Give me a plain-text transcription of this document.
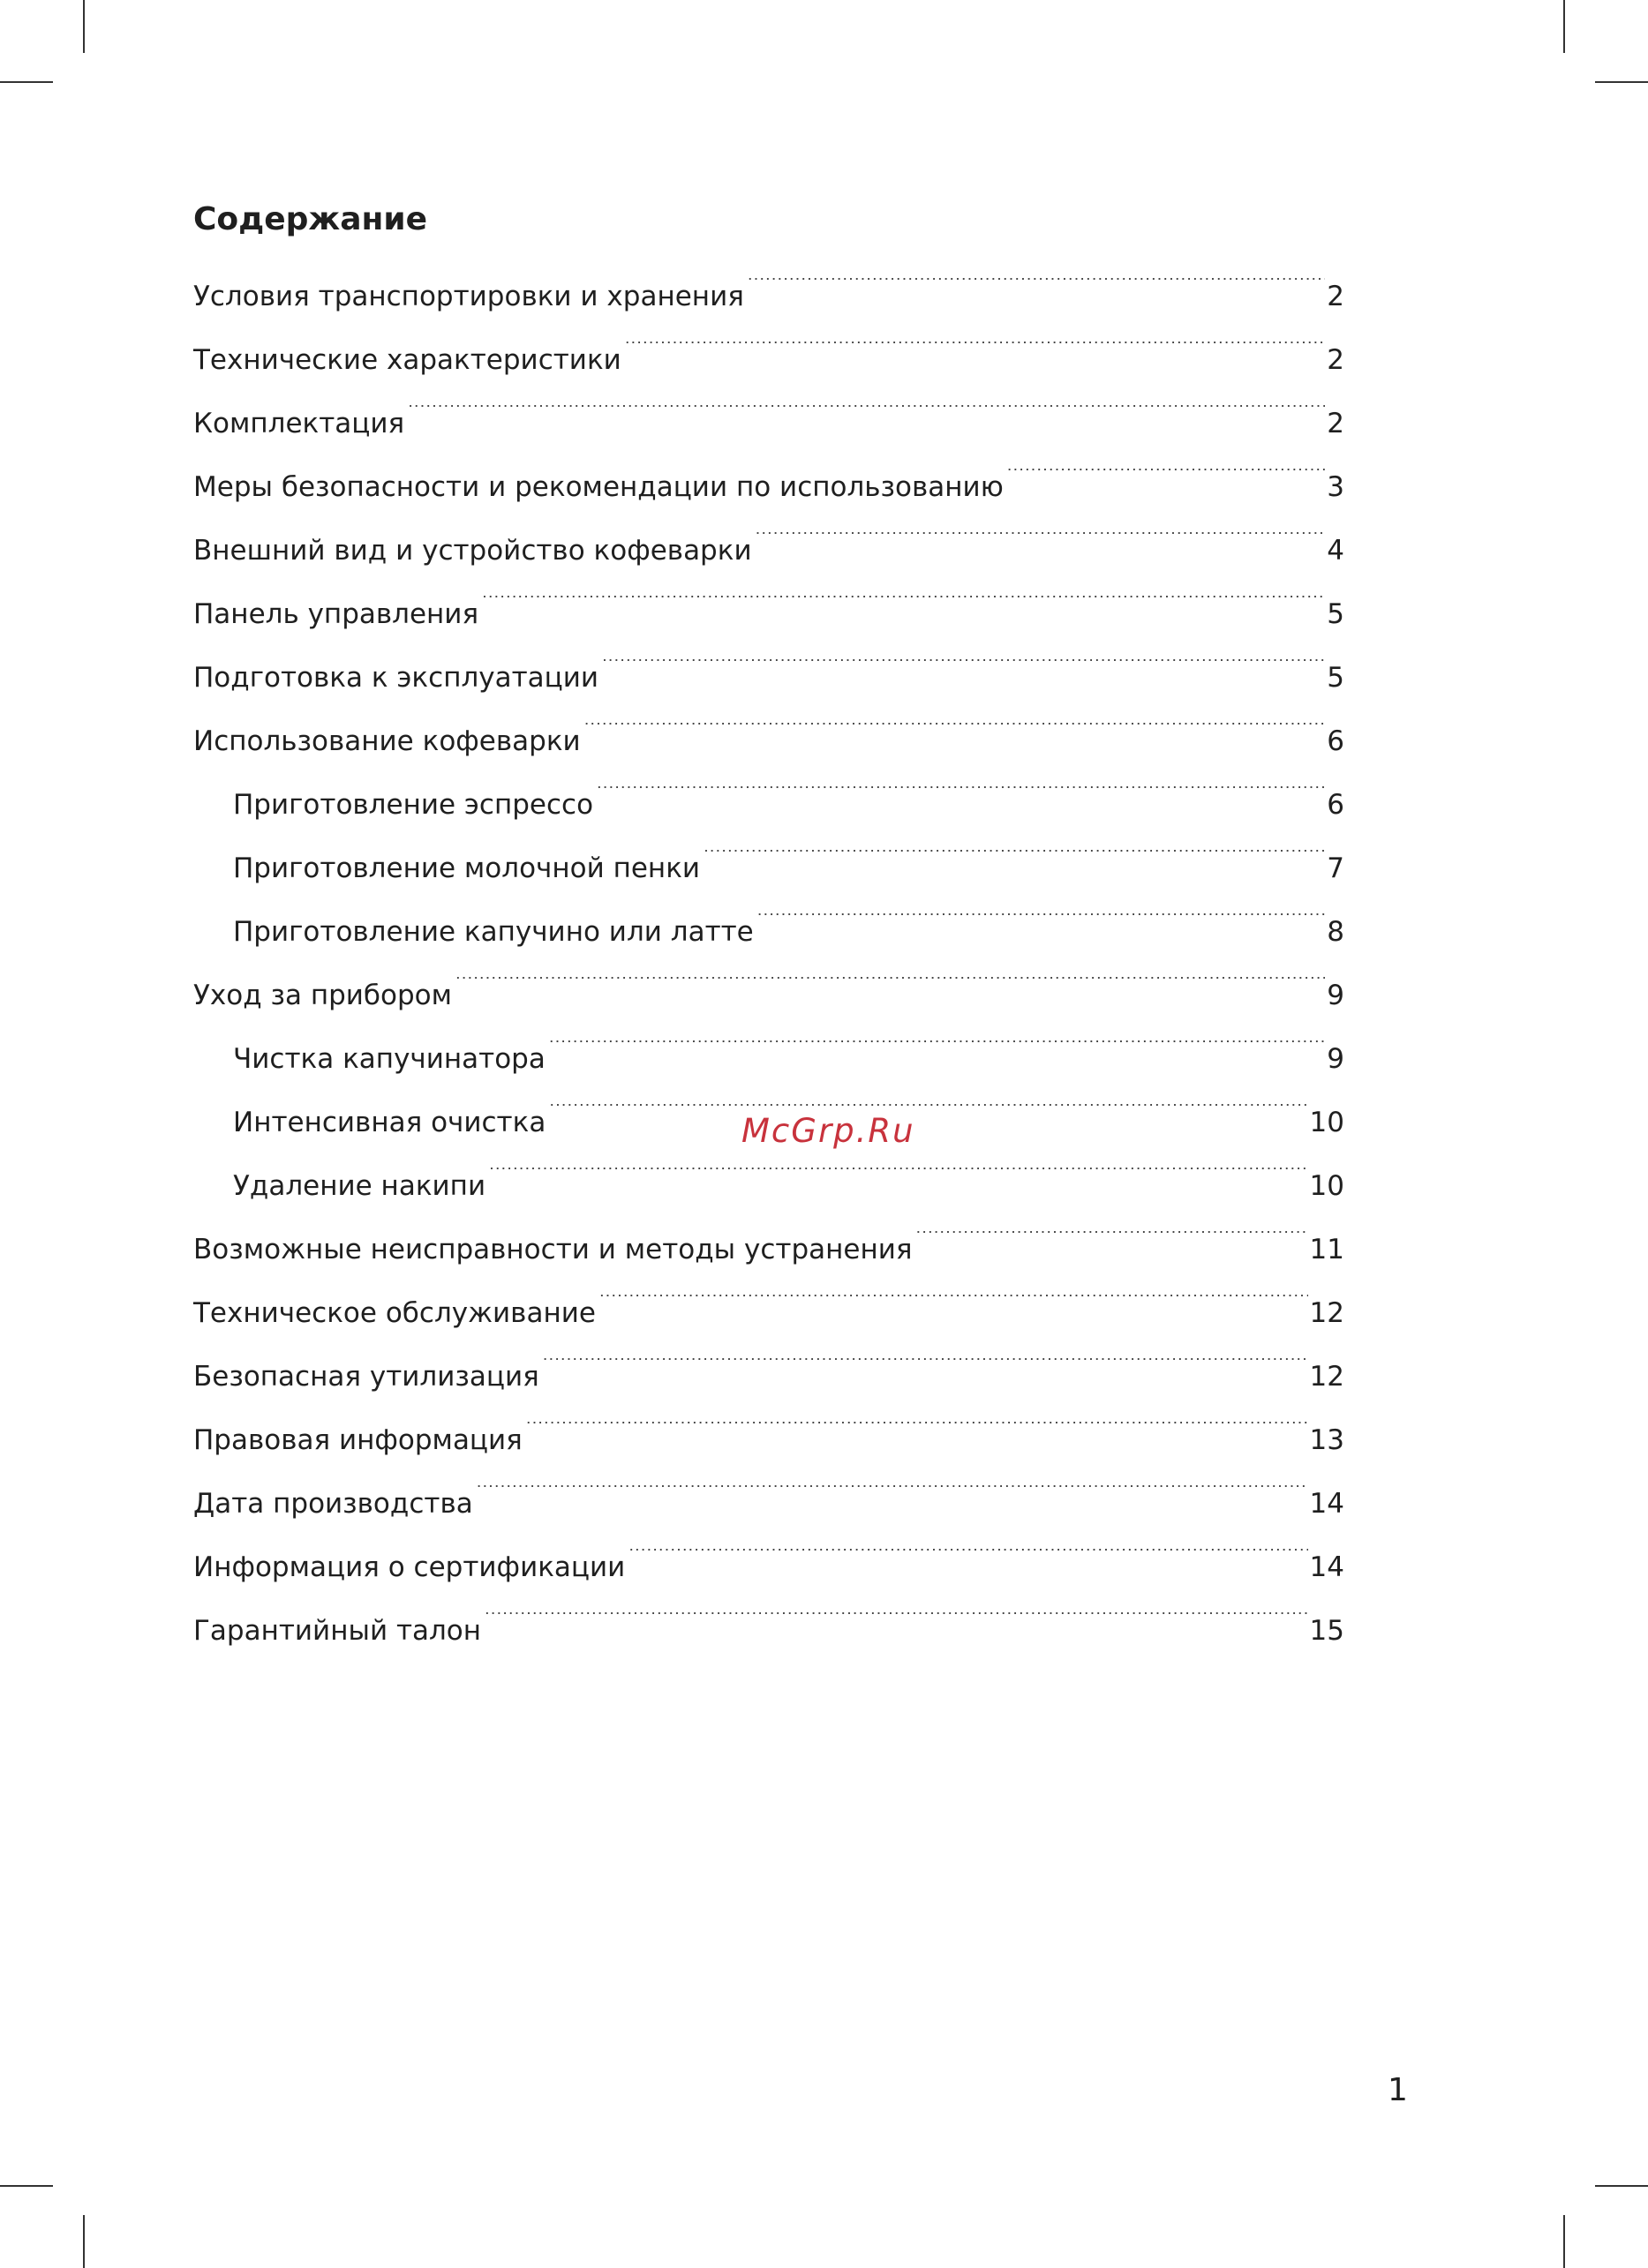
Содержание
Условия транспортировки и хранения .....	2
Технические характеристики .....	2
Комплектация .....	2
Меры безопасности и рекомендации по использованию .....	3
Внешний вид и устройство кофеварки .....	4
Панель управления .....	5
Подготовка к эксплуатации .....	5
Использование кофеварки .....	6
Приготовление эспрессо .....	6
Приготовление молочной пенки .....	7
Приготовление капучино или латте .....	8
Уход за прибором .....	9
Чистка капучинатора .....	9
Интенсивная очистка .....	10
Удаление накипи .....	10
Возможные неисправности и методы устранения .....	11
Техническое обслуживание .....	12
Безопасная утилизация .....	12
Правовая информация .....	13
Дата производства .....	14
Информация о сертификации .....	14
Гарантийный талон .....	15
McGrp.Ru
1
